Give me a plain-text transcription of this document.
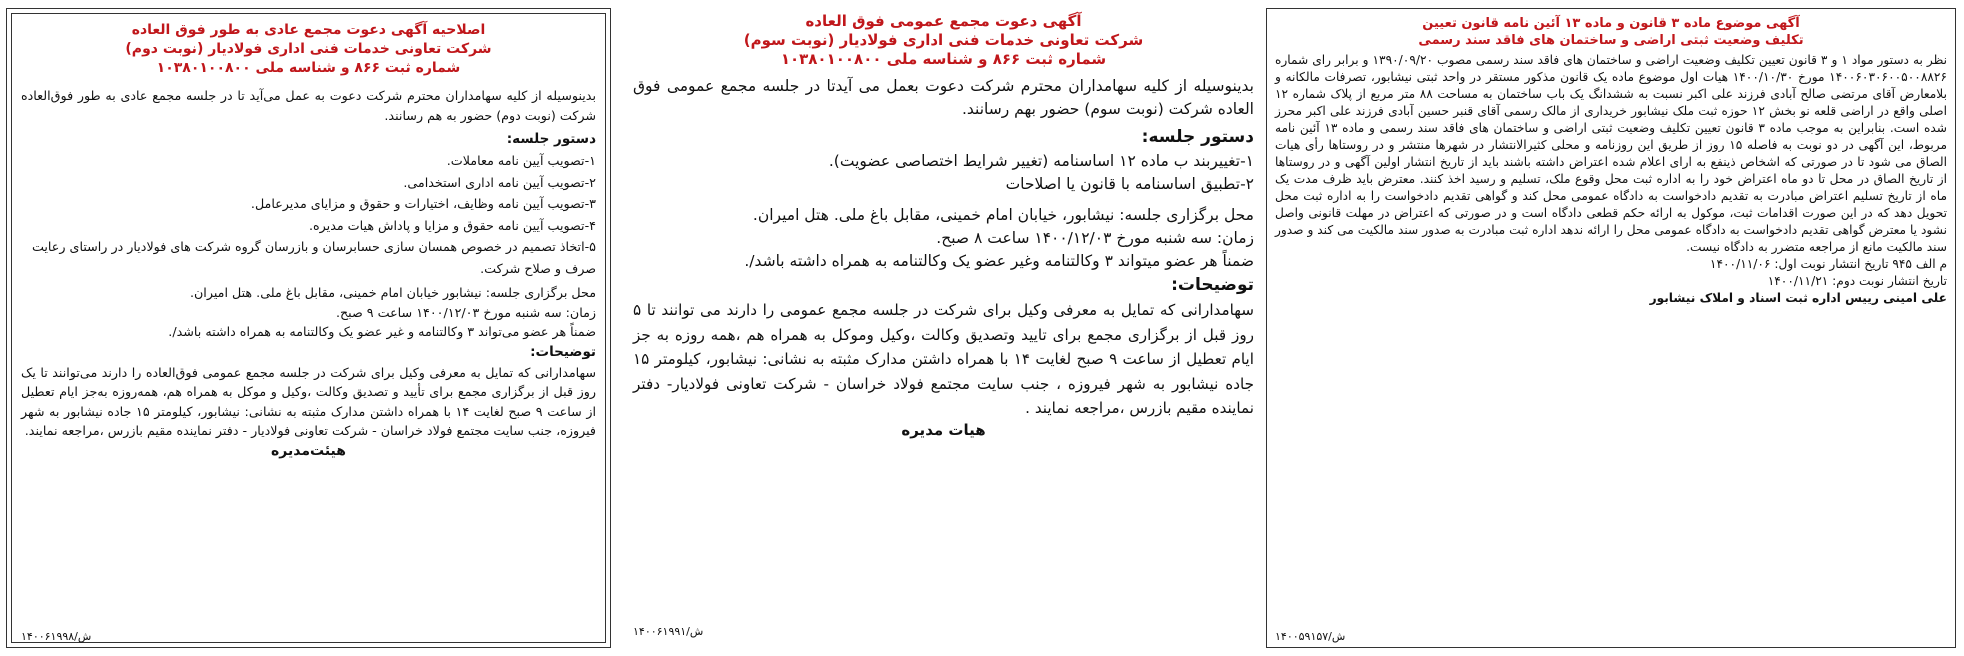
اصلاحیه آگهی دعوت مجمع عادی به طور فوق العاده

شرکت تعاونی خدمات فنی اداری فولادیار (نوبت دوم)

شماره ثبت ۸۶۶ و شناسه ملی ۱۰۳۸۰۱۰۰۸۰۰

بدینوسیله از کلیه سهامداران محترم شرکت دعوت به عمل می‌آید تا در جلسه مجمع عادی به طور فوق‌العاده شرکت (نوبت دوم) حضور به هم رسانند.

دستور جلسه:

۱-تصویب آیین نامه معاملات.

۲-تصویب آیین نامه اداری استخدامی.

۳-تصویب آیین نامه وظایف، اختیارات و حقوق و مزایای مدیرعامل.

۴-تصویب آیین نامه حقوق و مزایا و پاداش هیات مدیره.

۵-اتخاذ تصمیم در خصوص همسان سازی حسابرسان و بازرسان گروه شرکت های فولادیار در راستای رعایت صرف و صلاح شرکت.

محل برگزاری جلسه: نیشابور خیابان امام خمینی، مقابل باغ ملی. هتل امیران.

زمان: سه شنبه مورخ ۱۴۰۰/۱۲/۰۳ ساعت ۹ صبح.

ضمناً هر عضو می‌تواند ۳ وکالتنامه و غیر عضو یک وکالتنامه به همراه داشته باشد/.

توضیحات:

سهامدارانی که تمایل به معرفی وکیل برای شرکت در جلسه مجمع عمومی فوق‌العاده را دارند می‌توانند تا یک روز قبل از برگزاری مجمع برای تأیید و تصدیق وکالت ،وکیل و موکل به همراه هم، همه‌روزه به‌جز ایام تعطیل از ساعت ۹ صبح لغایت ۱۴ با همراه داشتن مدارک مثبته به نشانی: نیشابور، کیلومتر ۱۵ جاده نیشابور به شهر فیروزه، جنب سایت مجتمع فولاد خراسان - شرکت تعاونی فولادیار - دفتر نماینده مقیم بازرس ،مراجعه نمایند.

هیئت‌مدیره

۱۴۰۰۶۱۹۹۸/ش

آگهی دعوت مجمع عمومی فوق العاده

شرکت تعاونی خدمات فنی اداری فولادیار (نوبت سوم)

شماره ثبت ۸۶۶ و شناسه ملی ۱۰۳۸۰۱۰۰۸۰۰

بدینوسیله از کلیه سهامداران محترم شرکت دعوت بعمل می آیدتا در جلسه مجمع عمومی فوق العاده شرکت (نوبت سوم) حضور بهم رسانند.

دستور جلسه:

۱-تغییربند ب ماده ۱۲ اساسنامه (تغییر شرایط اختصاصی عضویت).

۲-تطبیق اساسنامه با قانون یا اصلاحات

محل برگزاری جلسه: نیشابور، خیابان امام خمینی، مقابل باغ ملی. هتل امیران.

زمان: سه شنبه مورخ ۱۴۰۰/۱۲/۰۳ ساعت ۸ صبح.

ضمناً هر عضو میتواند ۳ وکالتنامه وغیر عضو یک وکالتنامه به همراه داشته باشد/.

توضیحات:

سهامدارانی که تمایل به معرفی وکیل برای شرکت در جلسه مجمع عمومی را دارند می توانند تا ۵ روز قبل از برگزاری مجمع برای تایید وتصدیق وکالت ،وکیل وموکل به همراه هم ،همه روزه به جز ایام تعطیل از ساعت ۹ صبح لغایت ۱۴ با همراه داشتن مدارک مثبته به نشانی: نیشابور، کیلومتر ۱۵ جاده نیشابور به شهر فیروزه ، جنب سایت مجتمع فولاد خراسان - شرکت تعاونی فولادیار- دفتر نماینده مقیم بازرس ،مراجعه نمایند .

هیات مدیره

۱۴۰۰۶۱۹۹۱/ش

آگهی موضوع ماده ۳ قانون و ماده ۱۳ آئین نامه قانون تعیین

تکلیف وضعیت ثبتی اراضی و ساختمان های فاقد سند رسمی

نظر به دستور مواد ۱ و ۳ قانون تعیین تکلیف وضعیت اراضی و ساختمان های فاقد سند رسمی مصوب ۱۳۹۰/۰۹/۲۰ و برابر رای شماره ۱۴۰۰۶۰۳۰۶۰۰۵۰۰۸۸۲۶ مورخ ۱۴۰۰/۱۰/۳۰ هیات اول موضوع ماده یک قانون مذکور مستقر در واحد ثبتی نیشابور، تصرفات مالکانه و بلامعارض آقای مرتضی صالح آبادی فرزند علی اکبر نسبت به ششدانگ یک باب ساختمان به مساحت ۸۸ متر مربع از پلاک شماره ۱۲ اصلی واقع در اراضی قلعه نو بخش ۱۲ حوزه ثبت ملک نیشابور خریداری از مالک رسمی آقای قنبر حسین آبادی فرزند علی اکبر محرز شده است. بنابراین به موجب ماده ۳ قانون تعیین تکلیف وضعیت ثبتی اراضی و ساختمان های فاقد سند رسمی و ماده ۱۳ آئین نامه مربوط، این آگهی در دو نوبت به فاصله ۱۵ روز از طریق این روزنامه و محلی کثیرالانتشار در شهرها منتشر و در روستاها رأی هیات الصاق می شود تا در صورتی که اشخاص ذینفع به ارای اعلام شده اعتراض داشته باشند باید از تاریخ انتشار اولین آگهی و در روستاها از تاریخ الصاق در محل تا دو ماه اعتراض خود را به اداره ثبت محل وقوع ملک، تسلیم و رسید اخذ کنند. معترض باید ظرف مدت یک ماه از تاریخ تسلیم اعتراض مبادرت به تقدیم دادخواست به دادگاه عمومی محل کند و گواهی تقدیم دادخواست را به اداره ثبت محل تحویل دهد که در این صورت اقدامات ثبت، موکول به ارائه حکم قطعی دادگاه است و در صورتی که اعتراض در مهلت قانونی واصل نشود یا معترض گواهی تقدیم دادخواست به دادگاه عمومی محل را ارائه ندهد اداره ثبت مبادرت به صدور سند مالکیت می کند و صدور سند مالکیت مانع از مراجعه متضرر به دادگاه نیست.

م الف ۹۴۵ تاریخ انتشار نوبت اول: ۱۴۰۰/۱۱/۰۶

تاریخ انتشار نوبت دوم: ۱۴۰۰/۱۱/۲۱

علی امینی رییس اداره ثبت اسناد و املاک نیشابور

۱۴۰۰۵۹۱۵۷/ش
